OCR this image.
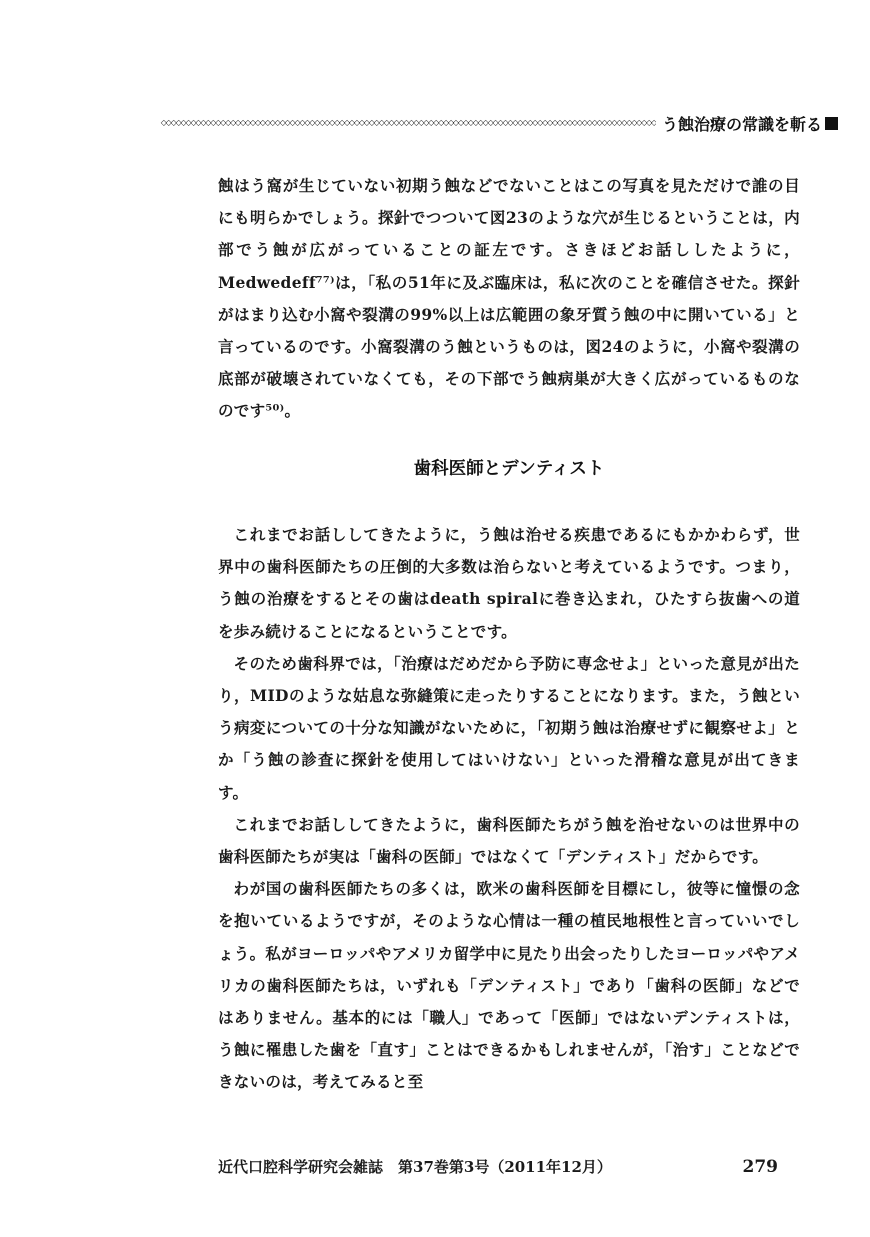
◇◇◇◇◇◇◇◇◇◇◇◇◇◇◇◇◇◇◇◇◇◇◇◇◇◇◇◇◇◇◇◇◇◇◇◇◇◇◇◇◇◇◇◇◇◇◇◇◇◇◇◇◇◇◇◇◇◇◇◇◇◇◇◇◇◇◇◇◇◇◇◇◇◇◇◇◇◇◇◇◇◇◇◇◇◇◇◇◇◇◇◇◇◇◇◇◇◇◇◇ う蝕治療の常識を斬る

蝕はう窩が生じていない初期う蝕などでないことはこの写真を見ただけで誰の目にも明らかでしょう。探針でつついて図23のような穴が生じるということは，内部でう蝕が広がっていることの証左です。さきほどお話ししたように，Medwedeff⁷⁷⁾は，「私の51年に及ぶ臨床は，私に次のことを確信させた。探針がはまり込む小窩や裂溝の99%以上は広範囲の象牙質う蝕の中に開いている」と言っているのです。小窩裂溝のう蝕というものは，図24のように，小窩や裂溝の底部が破壊されていなくても，その下部でう蝕病巣が大きく広がっているものなのです⁵⁰⁾。

歯科医師とデンティスト

これまでお話ししてきたように，う蝕は治せる疾患であるにもかかわらず，世界中の歯科医師たちの圧倒的大多数は治らないと考えているようです。つまり，う蝕の治療をするとその歯はdeath spiralに巻き込まれ，ひたすら抜歯への道を歩み続けることになるということです。

そのため歯科界では，「治療はだめだから予防に専念せよ」といった意見が出たり，MIDのような姑息な弥縫策に走ったりすることになります。また，う蝕という病変についての十分な知識がないために，「初期う蝕は治療せずに観察せよ」とか「う蝕の診査に探針を使用してはいけない」といった滑稽な意見が出てきます。

これまでお話ししてきたように，歯科医師たちがう蝕を治せないのは世界中の歯科医師たちが実は「歯科の医師」ではなくて「デンティスト」だからです。

わが国の歯科医師たちの多くは，欧米の歯科医師を目標にし，彼等に憧憬の念を抱いているようですが，そのような心情は一種の植民地根性と言っていいでしょう。私がヨーロッパやアメリカ留学中に見たり出会ったりしたヨーロッパやアメリカの歯科医師たちは，いずれも「デンティスト」であり「歯科の医師」などではありません。基本的には「職人」であって「医師」ではないデンティストは，う蝕に罹患した歯を「直す」ことはできるかもしれませんが，「治す」ことなどできないのは，考えてみると至

近代口腔科学研究会雑誌　第37巻第3号（2011年12月）	279
